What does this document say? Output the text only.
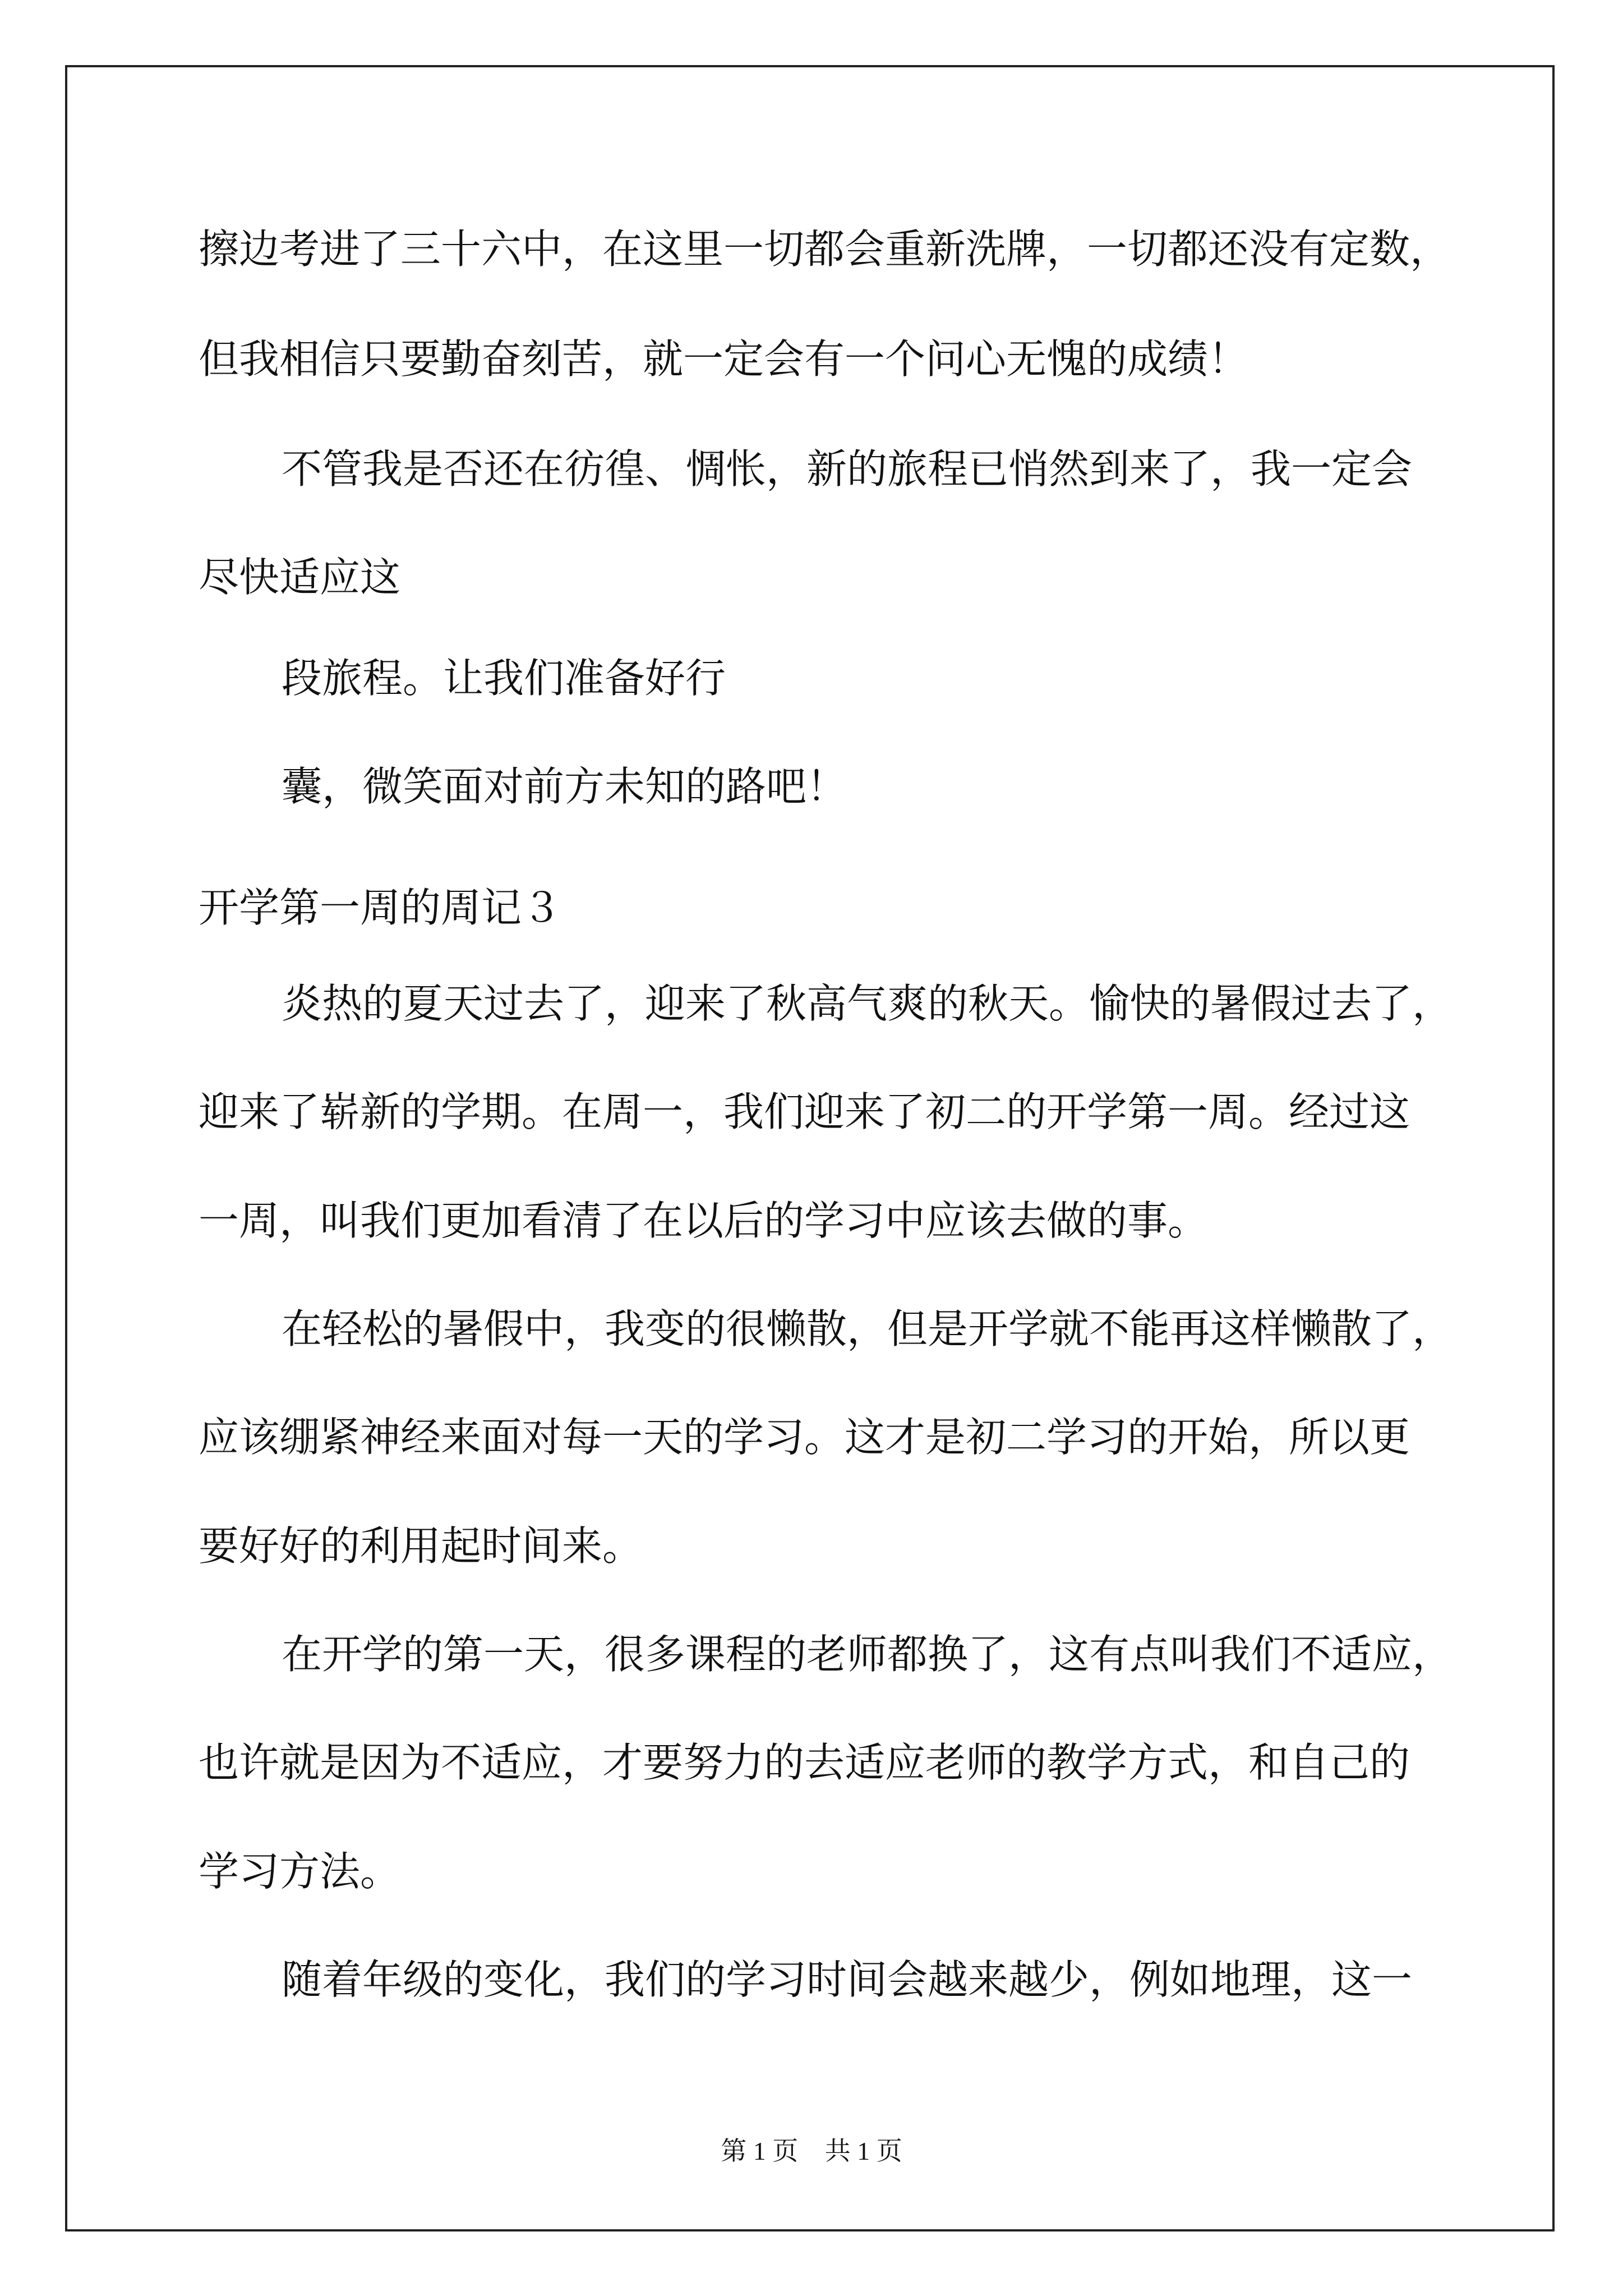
擦边考进了三十六中，在这里一切都会重新洗牌，一切都还没有定数，
但我相信只要勤奋刻苦，就一定会有一个问心无愧的成绩！
不管我是否还在彷徨、惆怅，新的旅程已悄然到来了，我一定会
尽快适应这
段旅程。让我们准备好行
囊，微笑面对前方未知的路吧！
开学第一周的周记３
炎热的夏天过去了，迎来了秋高气爽的秋天。愉快的暑假过去了，
迎来了崭新的学期。在周一，我们迎来了初二的开学第一周。经过这
一周，叫我们更加看清了在以后的学习中应该去做的事。
在轻松的暑假中，我变的很懒散，但是开学就不能再这样懒散了，
应该绷紧神经来面对每一天的学习。这才是初二学习的开始，所以更
要好好的利用起时间来。
在开学的第一天，很多课程的老师都换了，这有点叫我们不适应，
也许就是因为不适应，才要努力的去适应老师的教学方式，和自己的
学习方法。
随着年级的变化，我们的学习时间会越来越少，例如地理，这一
第 1 页 共 1 页
